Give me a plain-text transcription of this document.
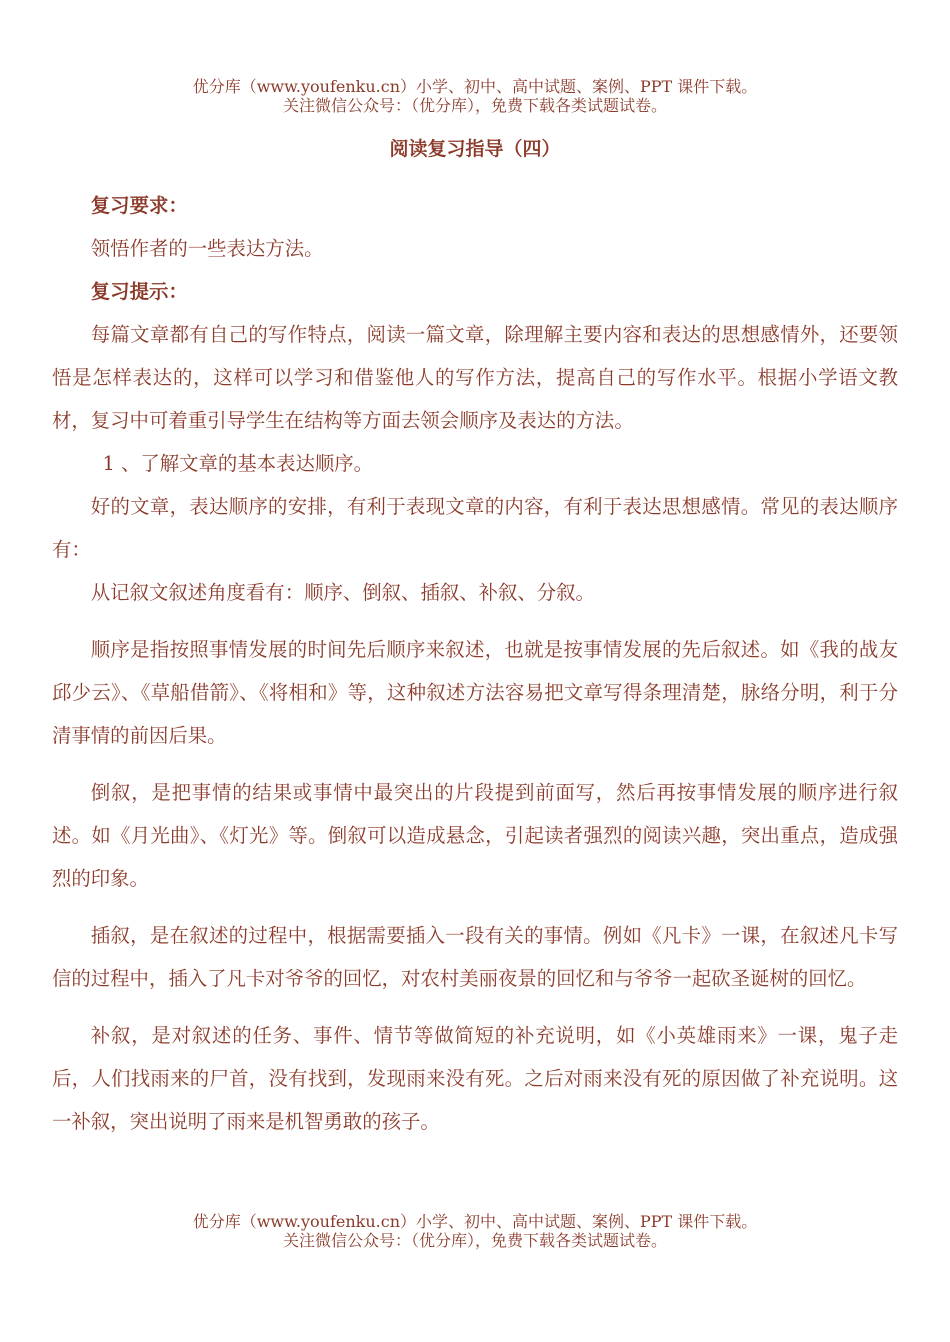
优分库（www.youfenku.cn）小学、初中、高中试题、案例、PPT 课件下载。
关注微信公众号：（优分库），免费下载各类试题试卷。
阅读复习指导（四）

复习要求：

领悟作者的一些表达方法。

复习提示：

每篇文章都有自己的写作特点，阅读一篇文章，除理解主要内容和表达的思想感情外，还要领悟是怎样表达的，这样可以学习和借鉴他人的写作方法，提高自己的写作水平。根据小学语文教材，复习中可着重引导学生在结构等方面去领会顺序及表达的方法。

1 、了解文章的基本表达顺序。

好的文章，表达顺序的安排，有利于表现文章的内容，有利于表达思想感情。常见的表达顺序有：

从记叙文叙述角度看有：顺序、倒叙、插叙、补叙、分叙。

顺序是指按照事情发展的时间先后顺序来叙述，也就是按事情发展的先后叙述。如《我的战友邱少云》、《草船借箭》、《将相和》等，这种叙述方法容易把文章写得条理清楚，脉络分明，利于分清事情的前因后果。

倒叙，是把事情的结果或事情中最突出的片段提到前面写，然后再按事情发展的顺序进行叙述。如《月光曲》、《灯光》等。倒叙可以造成悬念，引起读者强烈的阅读兴趣，突出重点，造成强烈的印象。

插叙，是在叙述的过程中，根据需要插入一段有关的事情。例如《凡卡》一课，在叙述凡卡写信的过程中，插入了凡卡对爷爷的回忆，对农村美丽夜景的回忆和与爷爷一起砍圣诞树的回忆。

补叙，是对叙述的任务、事件、情节等做简短的补充说明，如《小英雄雨来》一课，鬼子走后，人们找雨来的尸首，没有找到，发现雨来没有死。之后对雨来没有死的原因做了补充说明。这一补叙，突出说明了雨来是机智勇敢的孩子。

优分库（www.youfenku.cn）小学、初中、高中试题、案例、PPT 课件下载。
关注微信公众号：（优分库），免费下载各类试题试卷。
